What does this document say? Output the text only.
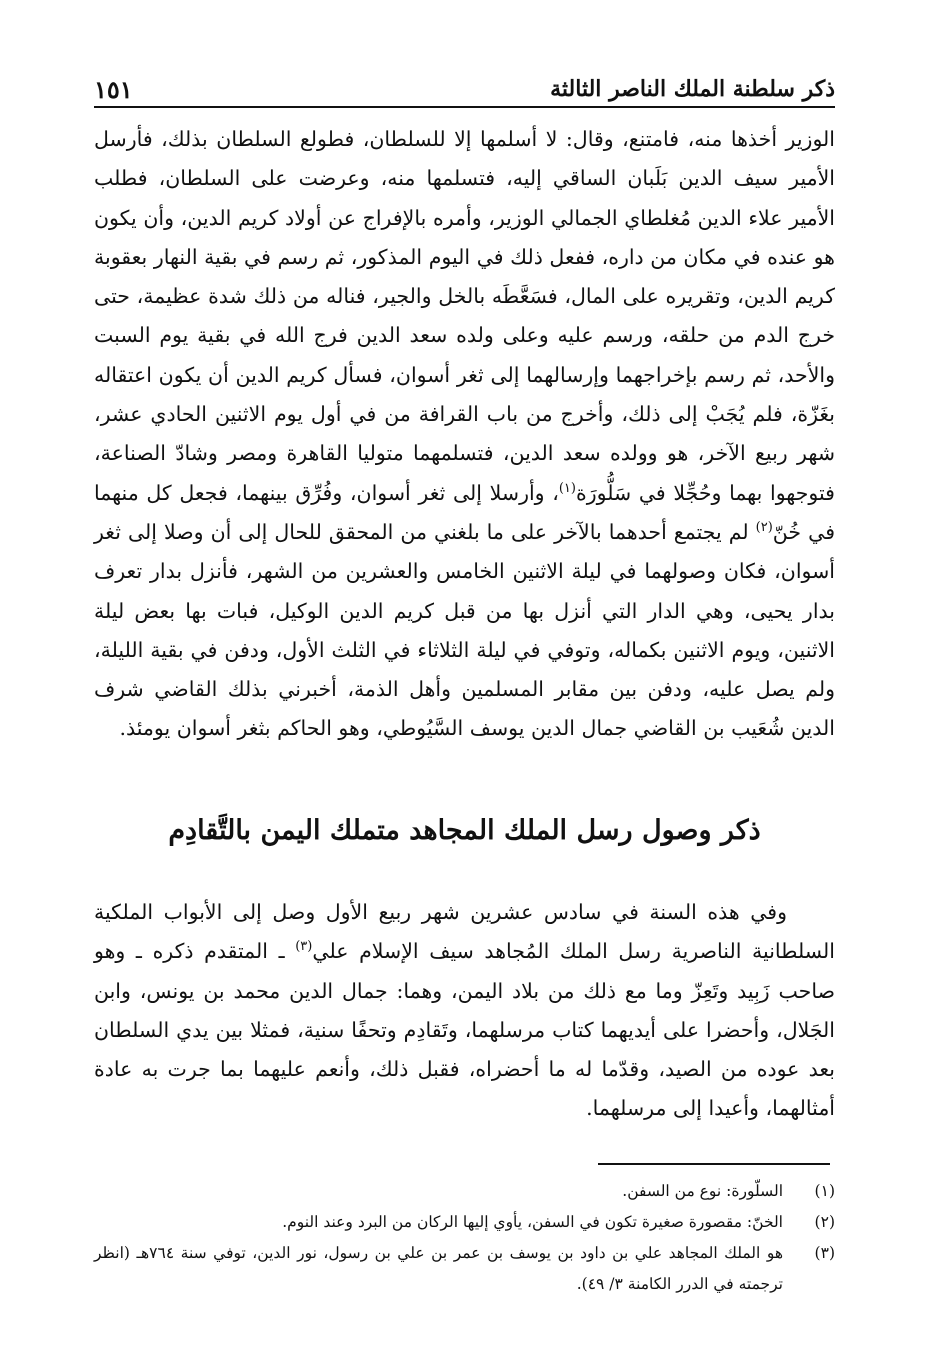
ذكر سلطنة الملك الناصر الثالثة
١٥١

الوزير أخذها منه، فامتنع، وقال: لا أسلمها إلا للسلطان، فطولع السلطان بذلك، فأرسل الأمير سيف الدين بَلَبان الساقي إليه، فتسلمها منه، وعرضت على السلطان، فطلب الأمير علاء الدين مُغلطاي الجمالي الوزير، وأمره بالإفراج عن أولاد كريم الدين، وأن يكون هو عنده في مكان من داره، ففعل ذلك في اليوم المذكور، ثم رسم في بقية النهار بعقوبة كريم الدين، وتقريره على المال، فسَعَّطَه بالخل والجير، فناله من ذلك شدة عظيمة، حتى خرج الدم من حلقه، ورسم عليه وعلى ولده سعد الدين فرج الله في بقية يوم السبت والأحد، ثم رسم بإخراجهما وإرسالهما إلى ثغر أسوان، فسأل كريم الدين أن يكون اعتقاله بغَزّة، فلم يُجَبْ إلى ذلك، وأخرج من باب القرافة من في أول يوم الاثنين الحادي عشر، شهر ربيع الآخر، هو وولده سعد الدين، فتسلمهما متوليا القاهرة ومصر وشادّ الصناعة، فتوجهوا بهما وحُجِّلا في سَلُّورَة$^{(١)}$، وأرسلا إلى ثغر أسوان، وفُرِّق بينهما، فجعل كل منهما في خُنّ$^{(٢)}$ لم يجتمع أحدهما بالآخر على ما بلغني من المحقق للحال إلى أن وصلا إلى ثغر أسوان، فكان وصولهما في ليلة الاثنين الخامس والعشرين من الشهر، فأنزل بدار تعرف بدار يحيى، وهي الدار التي أنزل بها من قبل كريم الدين الوكيل، فبات بها بعض ليلة الاثنين، ويوم الاثنين بكماله، وتوفي في ليلة الثلاثاء في الثلث الأول، ودفن في بقية الليلة، ولم يصل عليه، ودفن بين مقابر المسلمين وأهل الذمة، أخبرني بذلك القاضي شرف الدين شُعَيب بن القاضي جمال الدين يوسف السَّيُوطي، وهو الحاكم بثغر أسوان يومئذ.

ذكر وصول رسل الملك المجاهد متملك اليمن بالتَّقادِم

وفي هذه السنة في سادس عشرين شهر ربيع الأول وصل إلى الأبواب الملكية السلطانية الناصرية رسل الملك المُجاهد سيف الإسلام علي$^{(٣)}$ ـ المتقدم ذكره ـ وهو صاحب زَبِيد وتَعِزّ وما مع ذلك من بلاد اليمن، وهما: جمال الدين محمد بن يونس، وابن الجَلال، وأحضرا على أيديهما كتاب مرسلهما، وتَقادِم وتحفًا سنية، فمثلا بين يدي السلطان بعد عوده من الصيد، وقدّما له ما أحضراه، فقبل ذلك، وأنعم عليهما بما جرت به عادة أمثالهما، وأعيدا إلى مرسلهما.

(١)
السلّورة: نوع من السفن.
(٢)
الخنّ: مقصورة صغيرة تكون في السفن، يأوي إليها الركان من البرد وعند النوم.
(٣)
هو الملك المجاهد علي بن داود بن يوسف بن عمر بن علي بن رسول، نور الدين، توفي سنة ٧٦٤هـ (انظر ترجمته في الدرر الكامنة ٣/ ٤٩).
